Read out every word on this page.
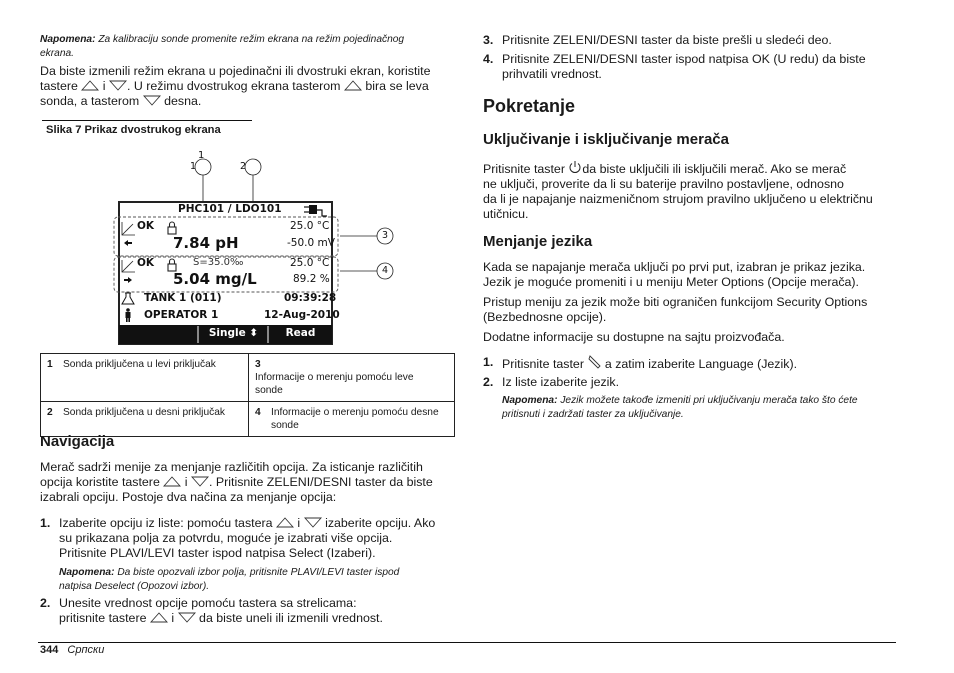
Napomena: Za kalibraciju sonde promenite režim ekrana na režim pojedinačnog
ekrana.
Da biste izmenili režim ekrana u pojedinačni ili dvostruki ekran, koristite
tastere i . U režimu dvostrukog ekrana tasterom bira se leva
sonda, a tasterom desna.
Slika 7 Prikaz dvostrukog ekrana
1
1	2
3
4
PHC101 / LDO101
OK	25.0 °C
7.84 pH	-50.0 mV
OK	S=35.0‰	25.0 °C
5.04 mg/L	89.2 %
TANK 1 (011)	09:39:28
OPERATOR 1	12-Aug-2010
Single ⬍	Read
1 Sonda priključena u levi priključak	3Informacije o merenju pomoću leve sonde
2 Sonda priključena u desni priključak	4 Informacije o merenju pomoću desne sonde
Navigacija
Merač sadrži menije za menjanje različitih opcija. Za isticanje različitih
opcija koristite tastere i . Pritisnite ZELENI/DESNI taster da biste
izabrali opciju. Postoje dva načina za menjanje opcija:
1. Izaberite opciju iz liste: pomoću tastera i izaberite opciju. Ako
su prikazana polja za potvrdu, moguće je izabrati više opcija.
Pritisnite PLAVI/LEVI taster ispod natpisa Select (Izaberi).
Napomena: Da biste opozvali izbor polja, pritisnite PLAVI/LEVI taster ispod
natpisa Deselect (Opozovi izbor).
2. Unesite vrednost opcije pomoću tastera sa strelicama:
pritisnite tastere i da biste uneli ili izmenili vrednost.
3. Pritisnite ZELENI/DESNI taster da biste prešli u sledeći deo.
4. Pritisnite ZELENI/DESNI taster ispod natpisa OK (U redu) da biste
prihvatili vrednost.
Pokretanje
Uključivanje i isključivanje merača
Pritisnite taster da biste uključili ili isključili merač. Ako se merač
ne uključi, proverite da li su baterije pravilno postavljene, odnosno
da li je napajanje naizmeničnom strujom pravilno uključeno u električnu
utičnicu.
Menjanje jezika
Kada se napajanje merača uključi po prvi put, izabran je prikaz jezika.
Jezik je moguće promeniti i u meniju Meter Options (Opcije merača).
Pristup meniju za jezik može biti ograničen funkcijom Security Options
(Bezbednosne opcije).
Dodatne informacije su dostupne na sajtu proizvođača.
1. Pritisnite taster a zatim izaberite Language (Jezik).
2. Iz liste izaberite jezik.
Napomena: Jezik možete takođe izmeniti pri uključivanju merača tako što ćete
pritisnuti i zadržati taster za uključivanje.
344 Српски
